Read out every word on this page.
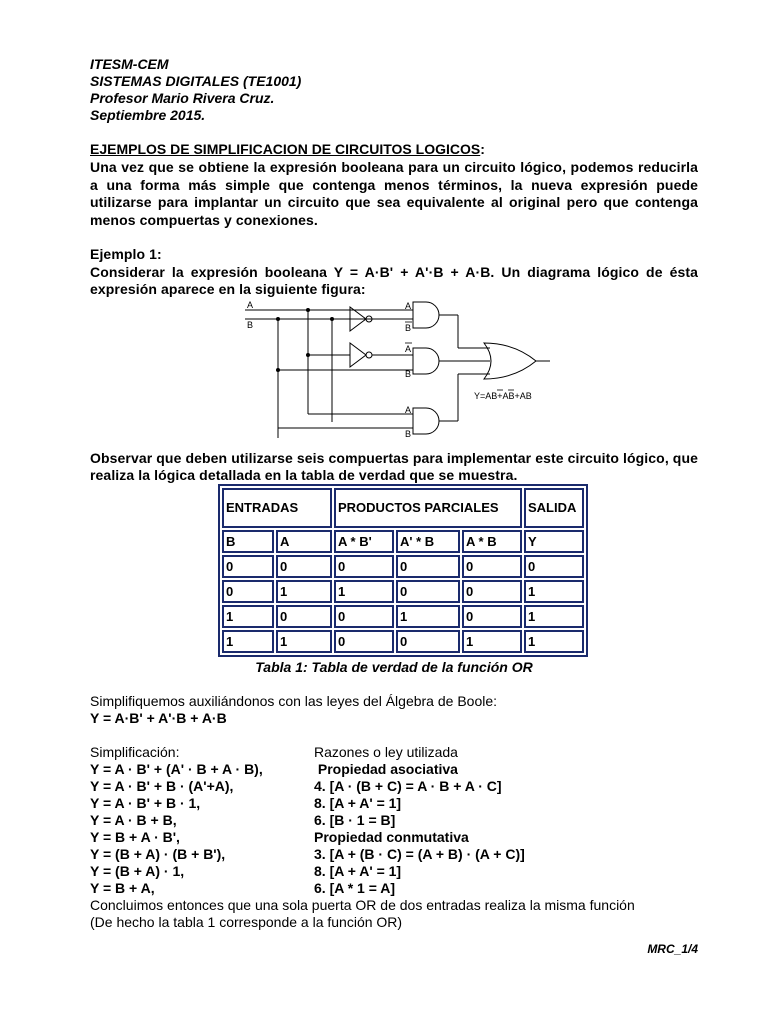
ITESM-CEM
SISTEMAS DIGITALES (TE1001)
Profesor Mario Rivera Cruz.
Septiembre 2015.
EJEMPLOS DE SIMPLIFICACION DE CIRCUITOS LOGICOS:
Una vez que se obtiene la expresión booleana para un circuito lógico, podemos reducirla a una forma más simple que contenga menos términos, la nueva expresión puede utilizarse para implantar un circuito que sea equivalente al original pero que contenga menos compuertas y conexiones.
Ejemplo 1:
Considerar la expresión booleana Y = A·B' + A'·B + A·B. Un diagrama lógico de ésta expresión aparece en la siguiente figura:
A
B
A
B
A
B
A
B
Y=AB+AB+AB
Observar que deben utilizarse seis compuertas para implementar este circuito lógico, que realiza la lógica detallada en la tabla de verdad que se muestra.
ENTRADAS		PRODUCTOS PARCIALES			SALIDA
B	A	A * B'	A' * B	A * B	Y
0	0	0	0	0	0
0	1	1	0	0	1
1	0	0	1	0	1
1	1	0	0	1	1
Tabla 1: Tabla de verdad de la función OR
Simplifiquemos auxiliándonos con las leyes del Álgebra de Boole:
Y = A·B' + A'·B + A·B
Simplificación:	Razones o ley utilizada
Y = A · B' + (A' · B + A · B),	Propiedad asociativa
Y = A · B' + B · (A'+A),	4. [A · (B + C) = A · B + A · C]
Y = A · B' + B · 1,	8. [A + A' = 1]
Y = A · B + B,	6. [B · 1 = B]
Y = B + A · B',	Propiedad conmutativa
Y = (B + A) · (B + B'),	3. [A + (B · C) = (A + B) · (A + C)]
Y = (B + A) · 1,	8. [A + A' = 1]
Y = B + A,	6. [A * 1 = A]
Concluimos entonces que una sola puerta OR de dos entradas realiza la misma función
(De hecho la tabla 1 corresponde a la función OR)
MRC_1/4
